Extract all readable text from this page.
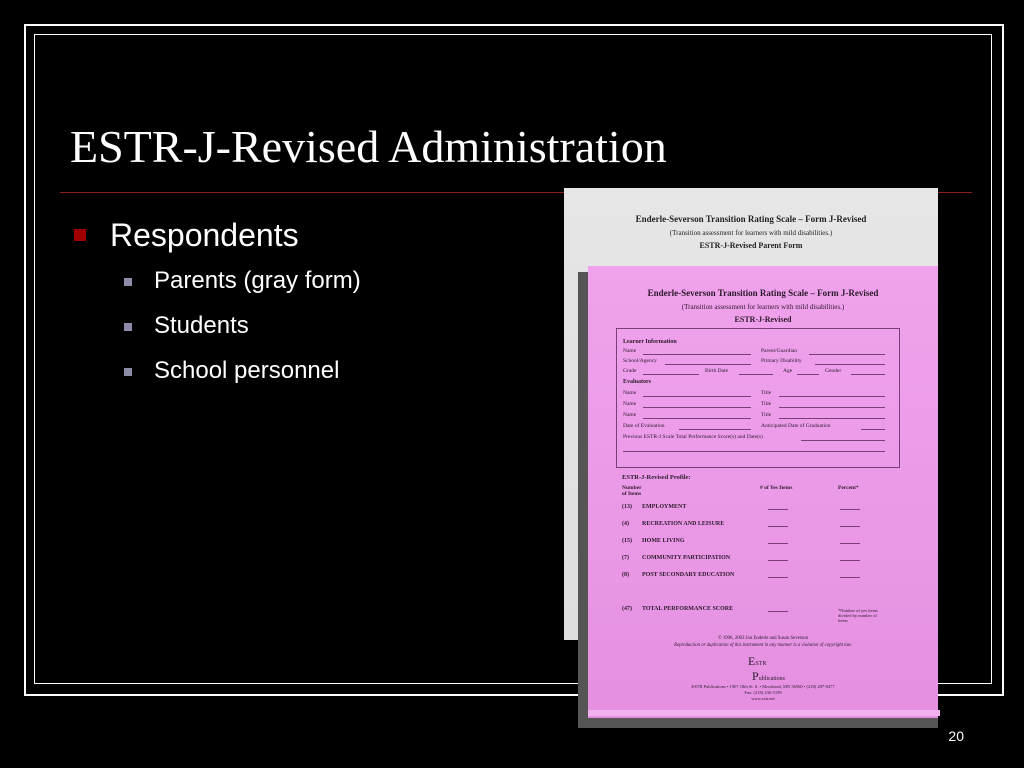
ESTR-J-Revised Administration
Respondents
Parents (gray form)
Students
School personnel
Enderle-Severson Transition Rating Scale – Form J-Revised
(Transition assessment for learners with mild disabilities.)
ESTR-J-Revised Parent Form
Enderle-Severson Transition Rating Scale – Form J-Revised
(Transition assessment for learners with mild disabilities.)
ESTR-J-Revised
Learner Information
Name	Parent/Guardian
School/Agency	Primary Disability
Grade	Birth Date	Age	Gender
Evaluators
Name	Title
Name	Title
Name	Title
Date of Evaluation	Anticipated Date of Graduation
Previous ESTR-J Scale Total Performance Score(s) and Date(s)
ESTR-J-Revised Profile:
Number
of Items
# of Yes Items	Percent*
(13) EMPLOYMENT
(4) RECREATION AND LEISURE
(15) HOME LIVING
(7) COMMUNITY PARTICIPATION
(8) POST SECONDARY EDUCATION
(47) TOTAL PERFORMANCE SCORE	*Number of yes items divided by number of items
© 1996, 2003 Jon Enderle and Susan Severson
Reproduction or duplication of this instrument in any manner is a violation of copyright law.
ESTR
Publications
ESTR Publications • 1907 18th St. S. • Moorhead, MN 56560 • (218) 287-8477
Fax: (218) 236-5199
www.estr.net
20
